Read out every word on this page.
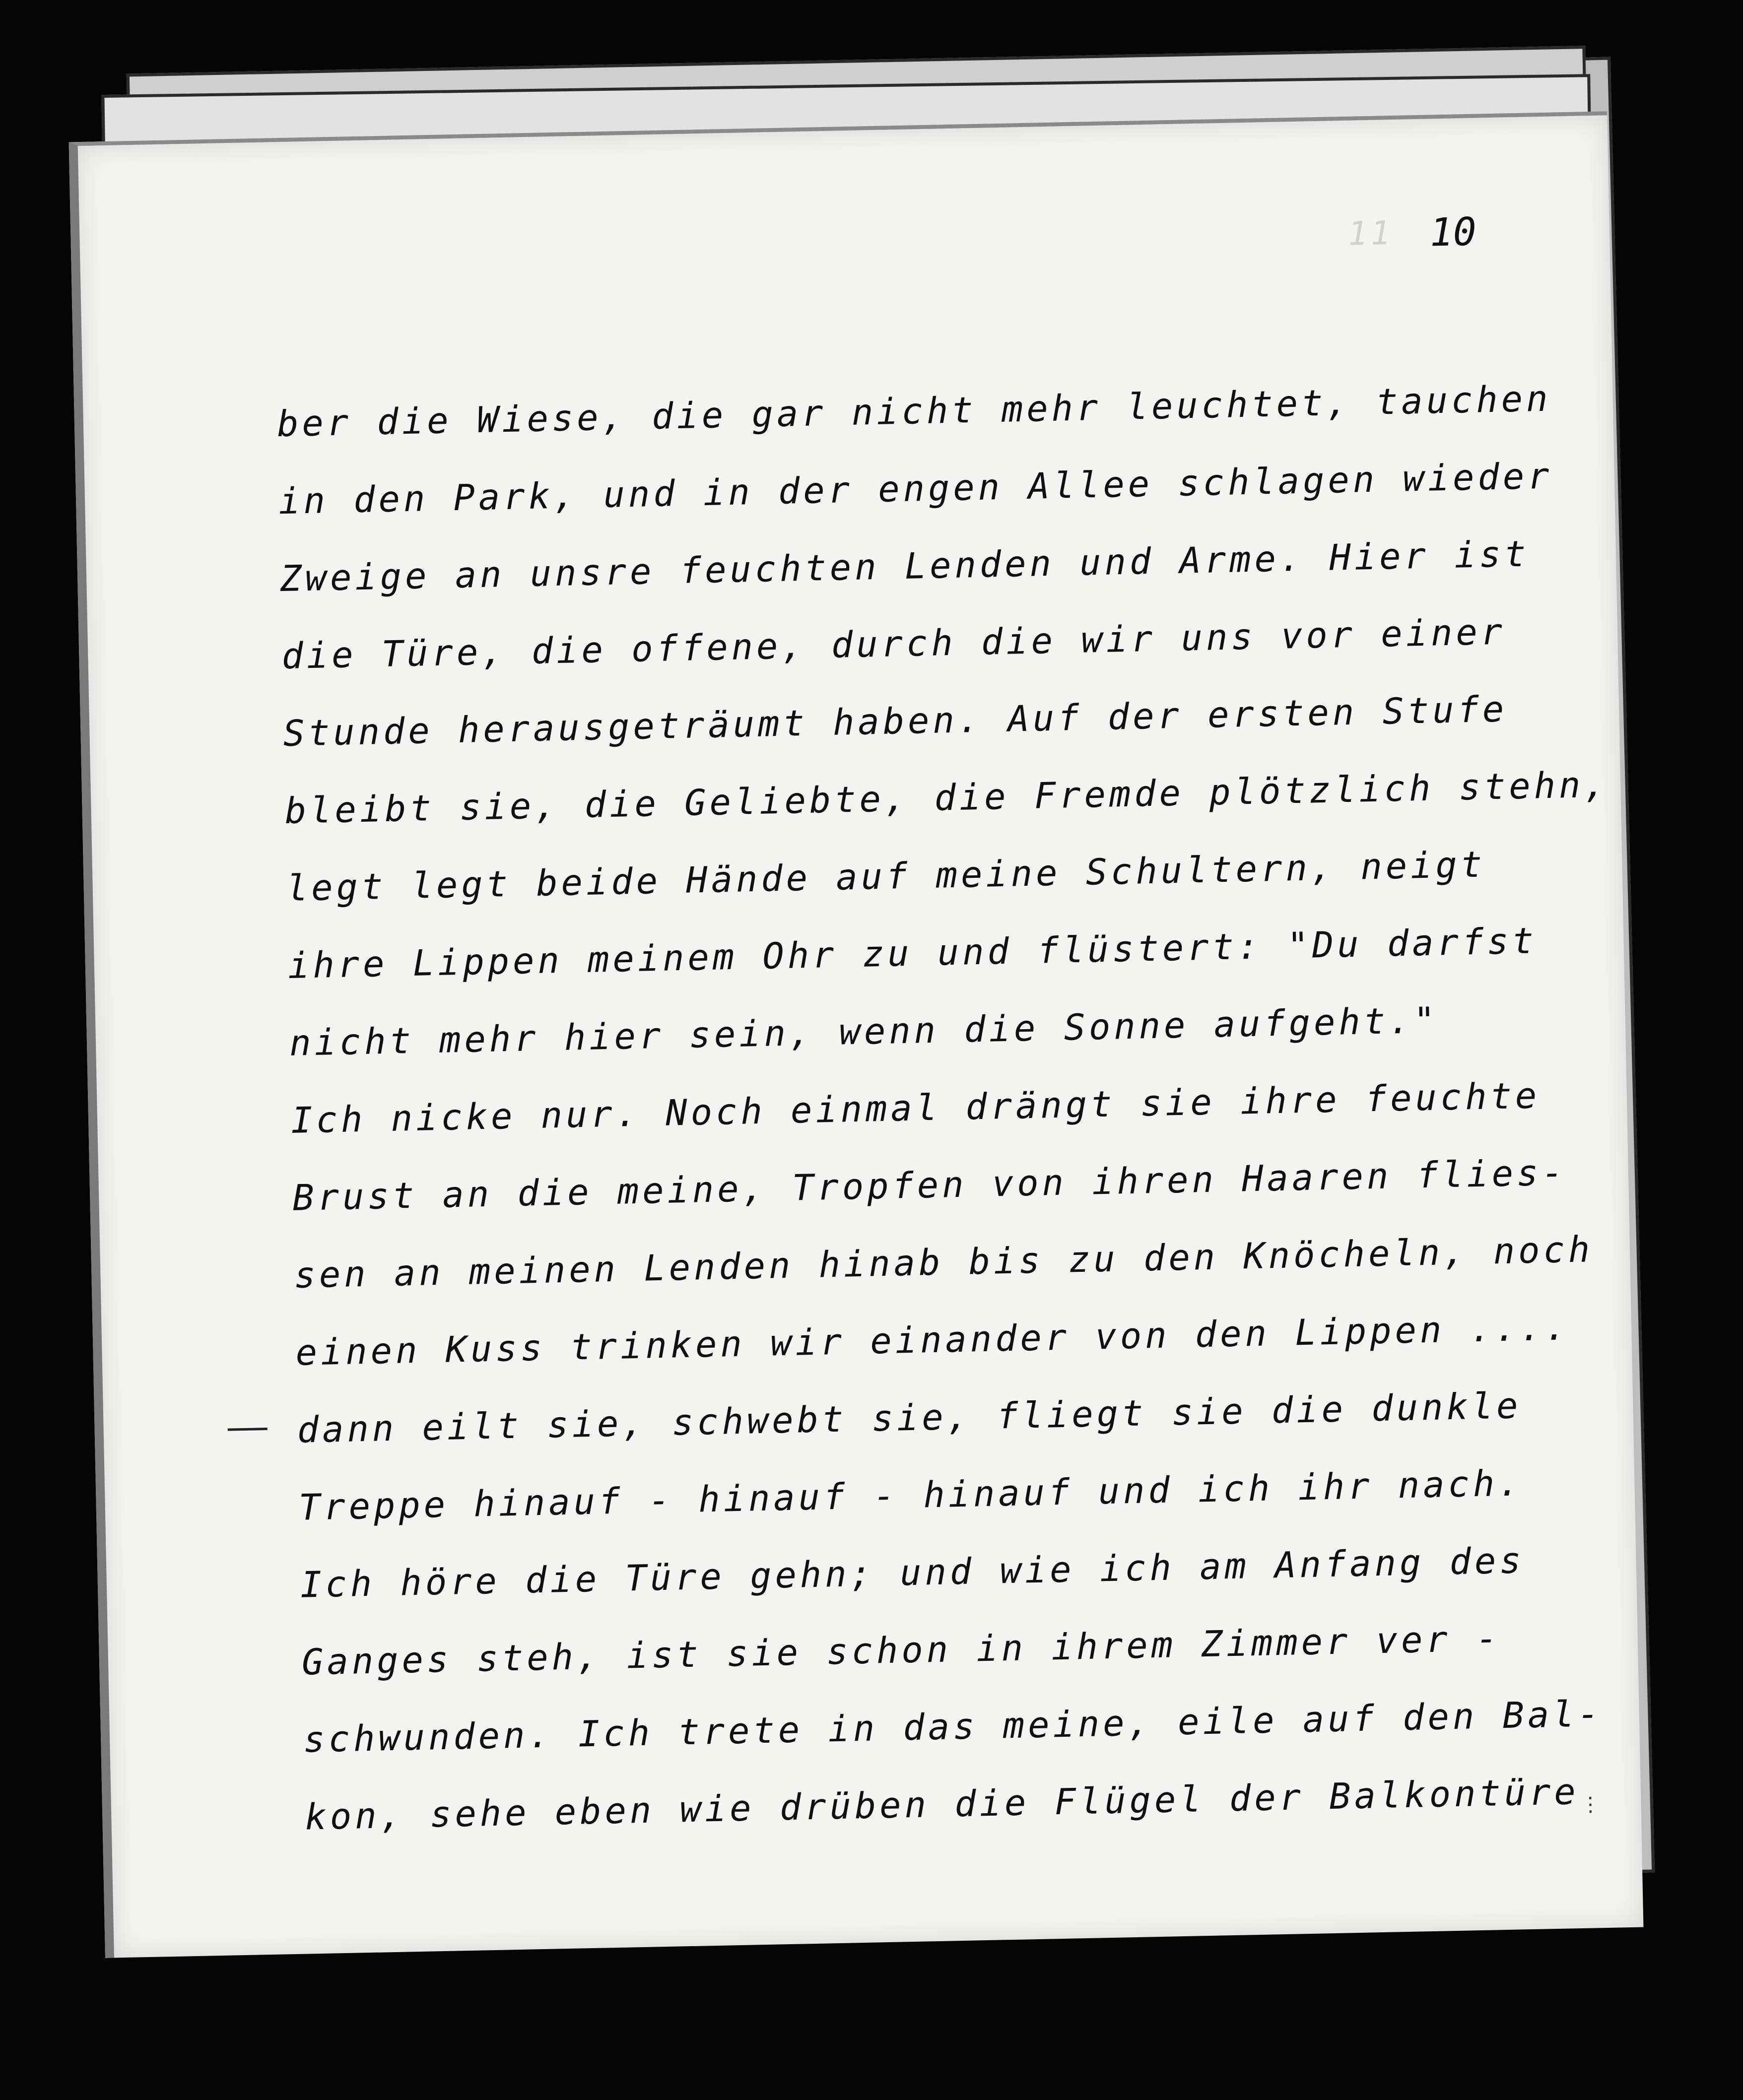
11 10
ber die Wiese, die gar nicht mehr leuchtet, tauchen
in den Park, und in der engen Allee schlagen wieder
Zweige an unsre feuchten Lenden und Arme. Hier ist
die Türe, die offene, durch die wir uns vor einer
Stunde herausgeträumt haben. Auf der ersten Stufe
bleibt sie, die Geliebte, die Fremde plötzlich stehn,
legt legt beide Hände auf meine Schultern, neigt
ihre Lippen meinem Ohr zu und flüstert: "Du darfst
nicht mehr hier sein, wenn die Sonne aufgeht."
Ich nicke nur. Noch einmal drängt sie ihre feuchte
Brust an die meine, Tropfen von ihren Haaren flies-
sen an meinen Lenden hinab bis zu den Knöcheln, noch
einen Kuss trinken wir einander von den Lippen ....
dann eilt sie, schwebt sie, fliegt sie die dunkle
Treppe hinauf - hinauf - hinauf und ich ihr nach.
Ich höre die Türe gehn; und wie ich am Anfang des
Ganges steh, ist sie schon in ihrem Zimmer ver -
schwunden. Ich trete in das meine, eile auf den Bal-
kon, sehe eben wie drüben die Flügel der Balkontüre ⋮
